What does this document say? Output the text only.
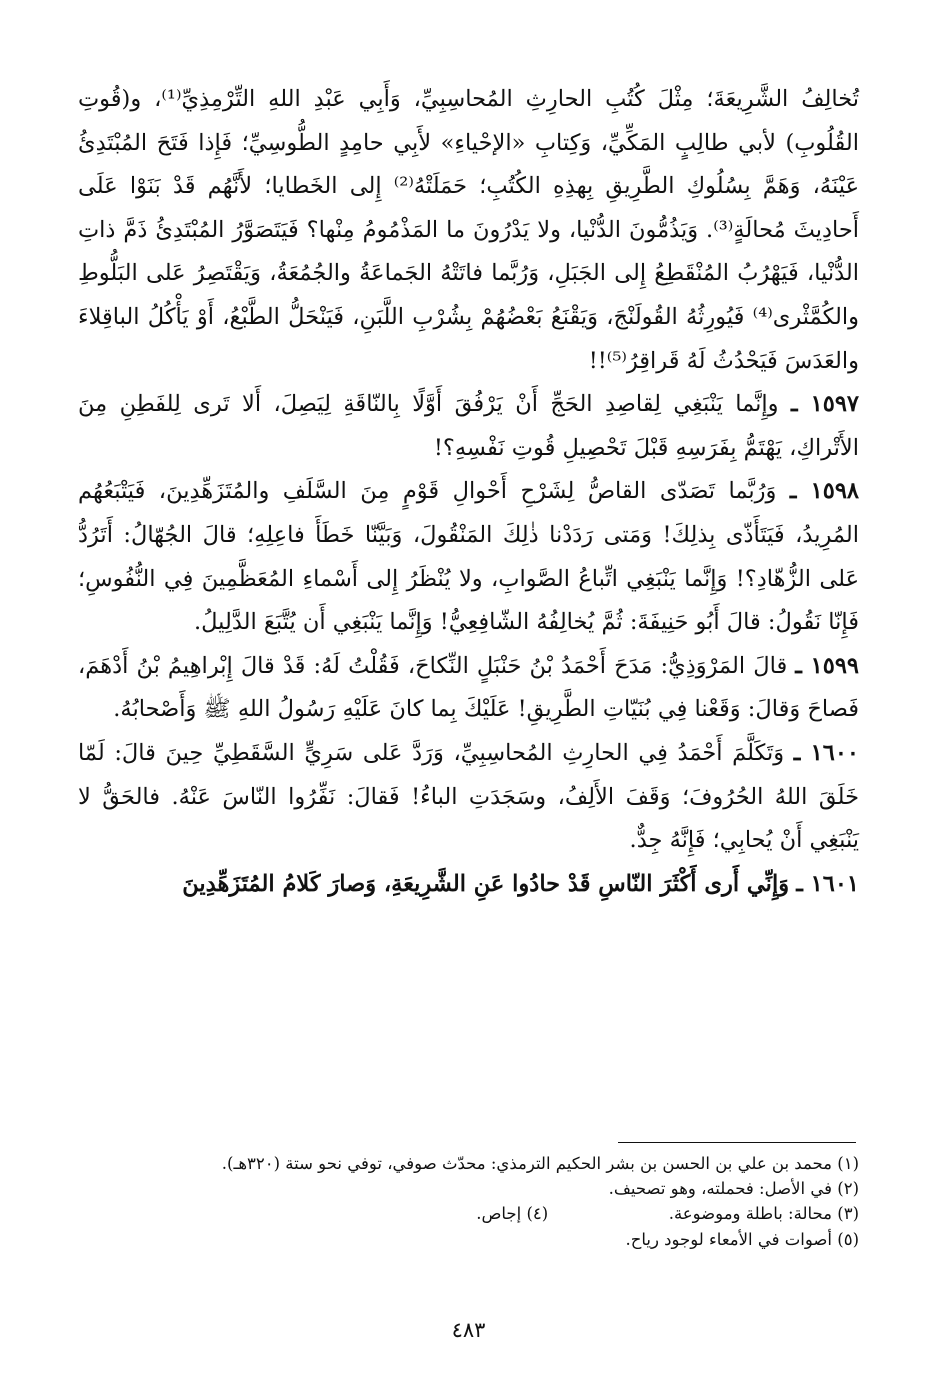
تُخالِفُ الشَّرِيعَةَ؛ مِثْلَ كُتُبِ الحارِثِ المُحاسِبِيِّ، وَأَبِي عَبْدِ اللهِ التِّرْمِذِيِّ⁽¹⁾، و(قُوتِ القُلُوبِ) لأبي طالِبٍ المَكِّيِّ، وَكِتابِ «الإحْياءِ» لأَبِي حامِدٍ الطُّوسِيِّ؛ فَإِذا فَتَحَ المُبْتَدِئُ عَيْنَهُ، وَهَمَّ بِسُلُوكِ الطَّرِيقِ بِهذِهِ الكُتُبِ؛ حَمَلَتْهُ⁽²⁾ إِلى الخَطايا؛ لأَنَّهُم قَدْ بَنَوْا عَلَى أَحادِيثَ مُحالَةٍ⁽³⁾. وَيَذُمُّونَ الدُّنْيا، ولا يَدْرُونَ ما المَذْمُومُ مِنْها؟ فَيَتَصَوَّرُ المُبْتَدِئُ ذَمَّ ذاتِ الدُّنْيا، فَيَهْرُبُ المُنْقَطِعُ إِلى الجَبَلِ، وَرُبَّما فاتَتْهُ الجَماعَةُ والجُمُعَةُ، وَيَقْتَصِرُ عَلى البَلُّوطِ والكُمَّثْرى⁽⁴⁾ فَيُورِثُهُ القُولَنْجَ، وَيَقْنَعُ بَعْضُهُمْ بِشُرْبِ اللَّبَنِ، فَيَنْحَلُّ الطَّبْعُ، أَوْ يَأْكُلُ الباقِلاءَ والعَدَسَ فَيَحْدُثُ لَهُ قَراقِرُ⁽⁵⁾!!

١٥٩٧ ـ وإِنَّما يَنْبَغِي لِقاصِدِ الحَجِّ أَنْ يَرْفُقَ أَوَّلًا بِالنّاقَةِ لِيَصِلَ، أَلا تَرى لِلفَطِنِ مِنَ الأَتْراكِ، يَهْتَمُّ بِفَرَسِهِ قَبْلَ تَحْصِيلِ قُوتِ نَفْسِهِ؟!

١٥٩٨ ـ وَرُبَّما تَصَدّى القاصُّ لِشَرْحِ أَحْوالِ قَوْمٍ مِنَ السَّلَفِ والمُتَزَهِّدِينَ، فَيَتْبَعُهُم المُرِيدُ، فَيَتَأَذّى بِذلِكَ! وَمَتى رَدَدْنا ذٰلِكَ المَنْقُولَ، وَبَيَّنّا خَطَأَ فاعِلِهِ؛ قالَ الجُهّالُ: أَتَرُدُّ عَلى الزُّهّادِ؟! وَإِنَّما يَنْبَغِي اتِّباعُ الصَّوابِ، ولا يُنْظَرُ إِلى أَسْماءِ المُعَظَّمِينَ فِي النُّفُوسِ؛ فَإِنّا نَقُولُ: قالَ أَبُو حَنِيفَةَ: ثُمَّ يُخالِفُهُ الشّافِعِيُّ! وَإِنَّما يَنْبَغِي أَن يُتَّبَعَ الدَّلِيلُ.

١٥٩٩ ـ قالَ المَرْوَذِيُّ: مَدَحَ أَحْمَدُ بْنُ حَنْبَلٍ النِّكاحَ، فَقُلْتُ لَهُ: قَدْ قالَ إِبْراهِيمُ بْنُ أَدْهَمَ، فَصاحَ وَقالَ: وَقَعْنا فِي بُنَيّاتِ الطَّرِيقِ! عَلَيْكَ بِما كانَ عَلَيْهِ رَسُولُ اللهِ ﷺ وَأَصْحابُهُ.

١٦٠٠ ـ وَتَكَلَّمَ أَحْمَدُ فِي الحارِثِ المُحاسِبِيِّ، وَرَدَّ عَلى سَرِيٍّ السَّقَطِيِّ حِينَ قالَ: لَمّا خَلَقَ اللهُ الحُرُوفَ؛ وَقَفَ الأَلِفُ، وسَجَدَتِ الباءُ! فَقالَ: نَفِّرُوا النّاسَ عَنْهُ. فالحَقُّ لا يَنْبَغِي أَنْ يُحابِي؛ فَإِنَّهُ جِدٌّ.

١٦٠١ ـ وَإِنِّي أَرى أَكْثَرَ النّاسِ قَدْ حادُوا عَنِ الشَّرِيعَةِ، وَصارَ كَلامُ المُتَزَهِّدِينَ

(١) محمد بن علي بن الحسن بن بشر الحكيم الترمذي: محدّث صوفي، توفي نحو ستة (٣٢٠هـ).

(٢) في الأصل: فحملته، وهو تصحيف.

(٣) محالة: باطلة وموضوعة.  (٤) إجاص.

(٥) أصوات في الأمعاء لوجود رياح.

٤٨٣
